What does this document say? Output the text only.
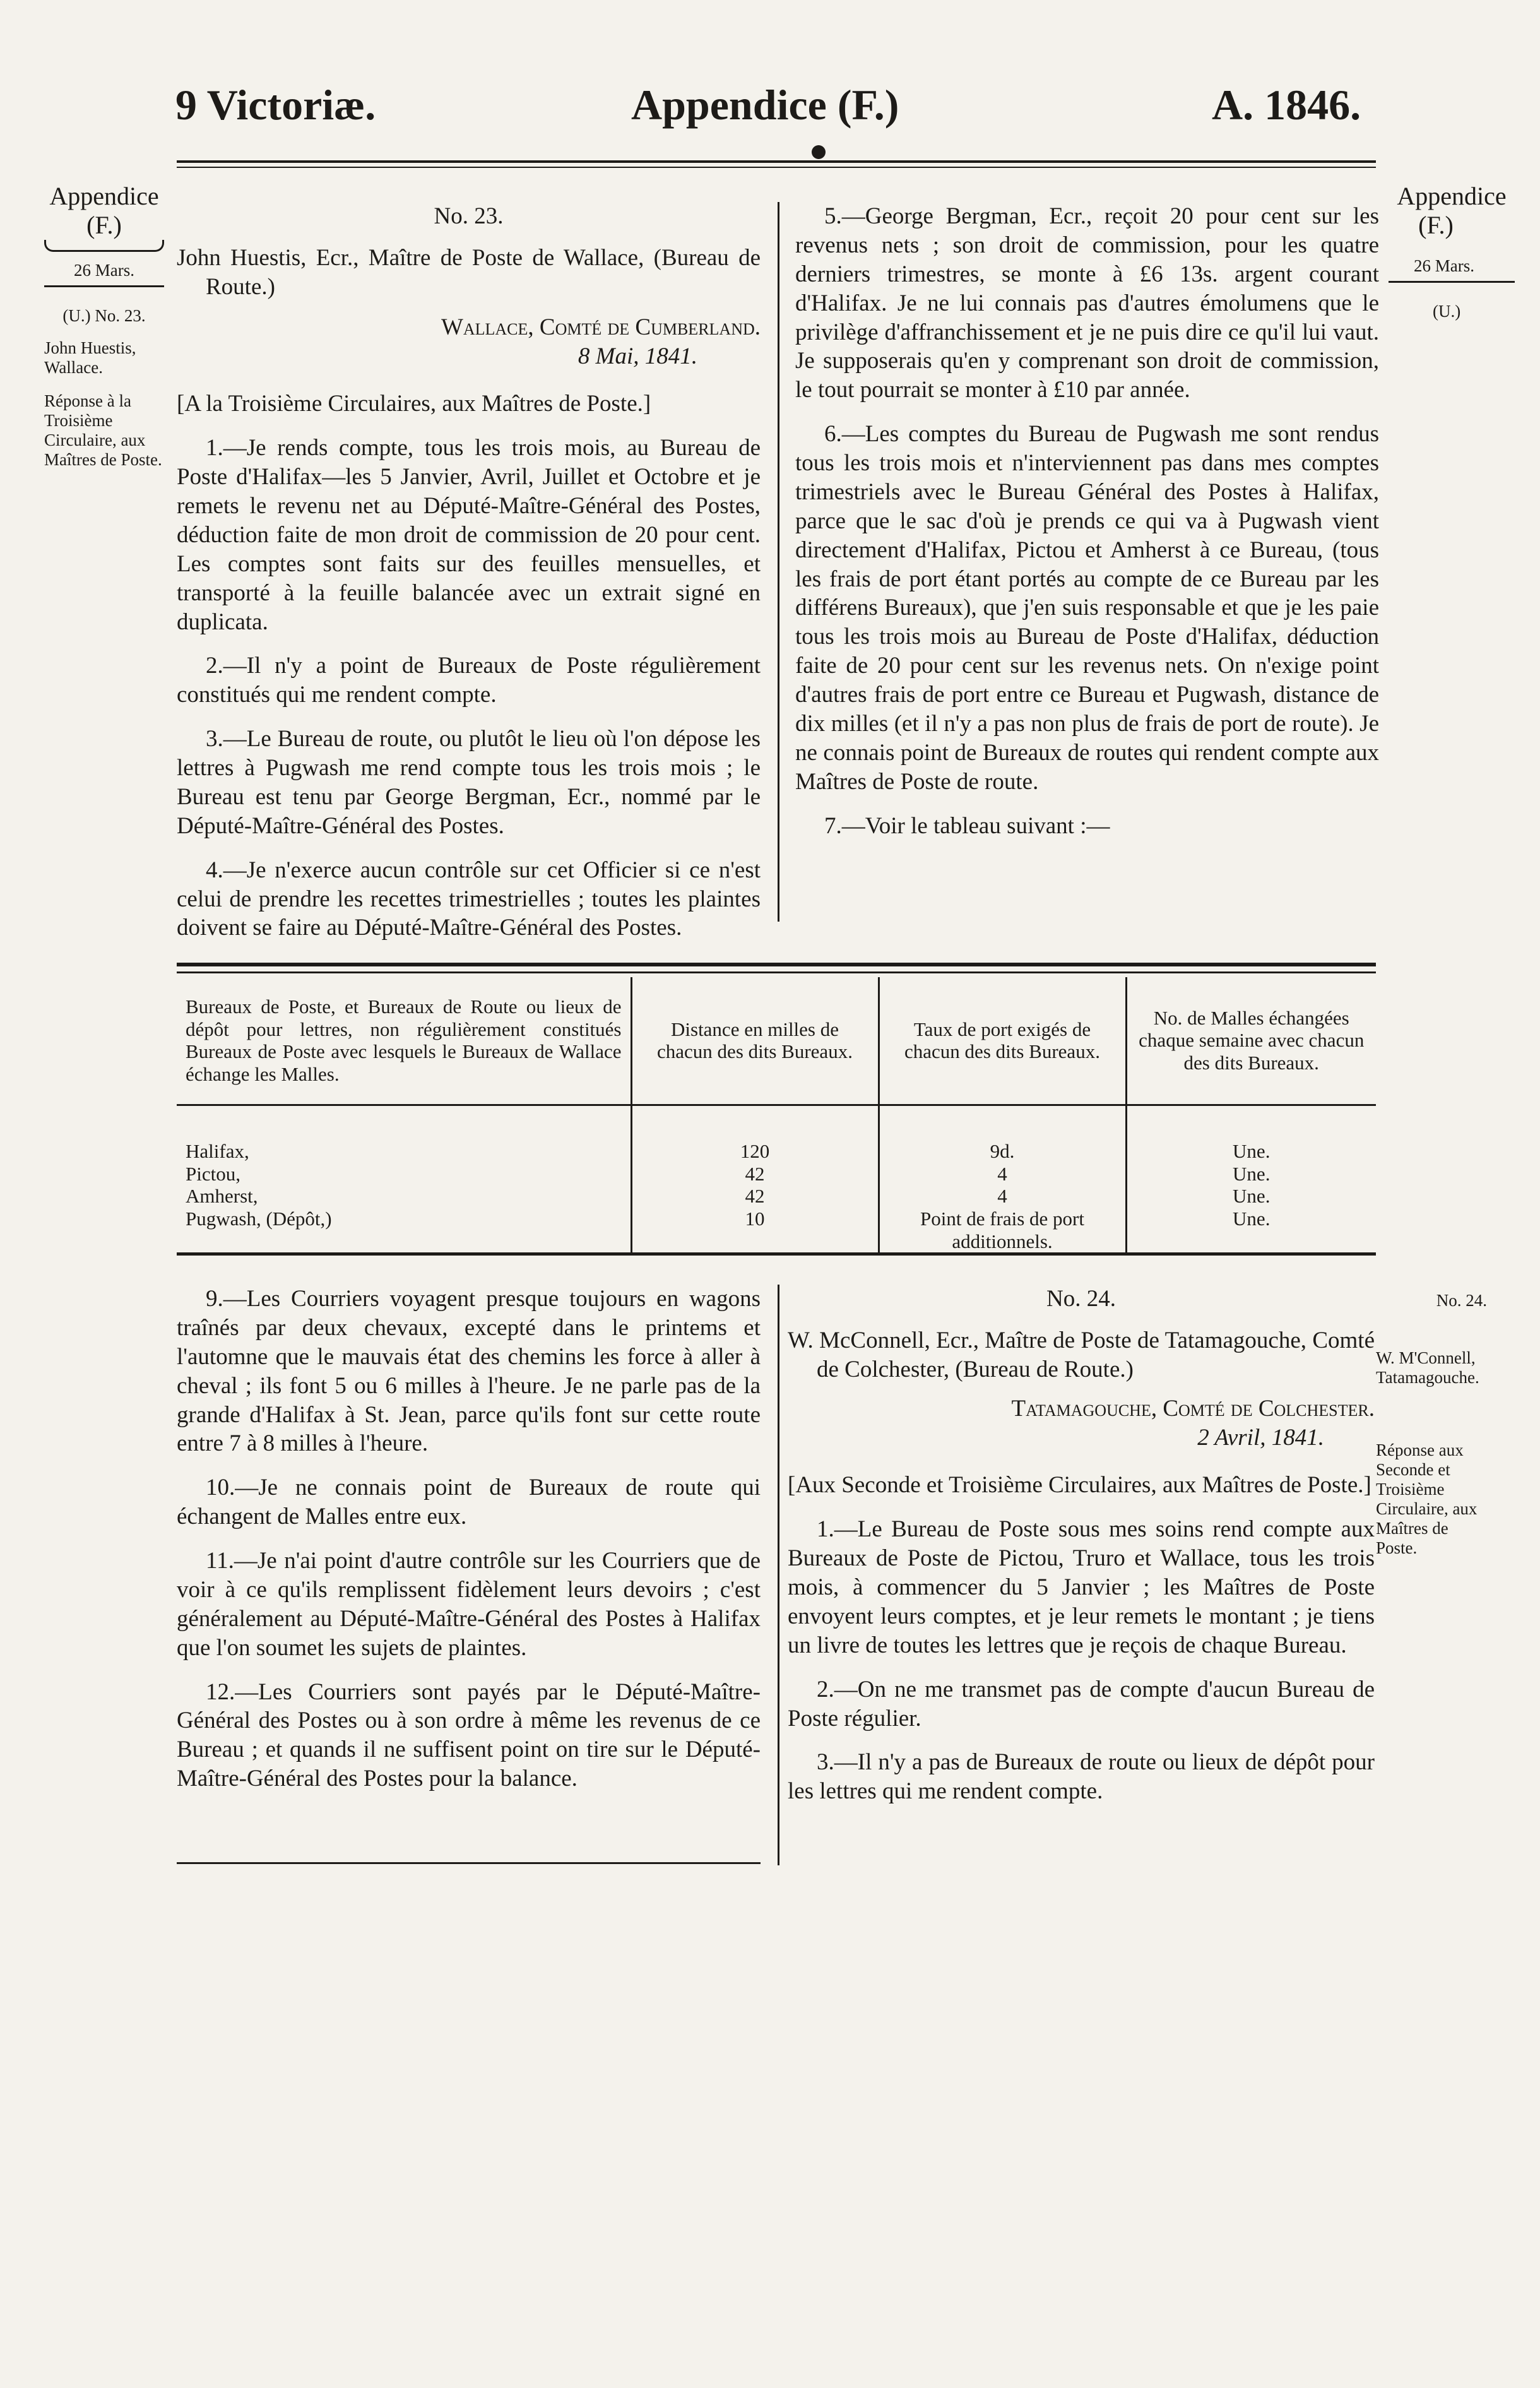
9 Victoriæ.	Appendice (F.)	A. 1846.
Appendice
(F.)
26 Mars.
(U.) No. 23.
John Huestis, Wallace.
Réponse à la Troisième Circulaire, aux Maîtres de Poste.
Appendice
(F.)
26 Mars.
(U.)
No. 24.
W. M'Connell, Tatamagouche.
Réponse aux Seconde et Troisième Circulaire, aux Maîtres de Poste.
No. 23.

John Huestis, Ecr., Maître de Poste de Wallace, (Bureau de Route.)

Wallace, Comté de Cumberland.
8 Mai, 1841.

[A la Troisième Circulaires, aux Maîtres de Poste.]

1.—Je rends compte, tous les trois mois, au Bureau de Poste d'Halifax—les 5 Janvier, Avril, Juillet et Octobre et je remets le revenu net au Député-Maître-Général des Postes, déduction faite de mon droit de commission de 20 pour cent. Les comptes sont faits sur des feuilles mensuelles, et transporté à la feuille balancée avec un extrait signé en duplicata.

2.—Il n'y a point de Bureaux de Poste régulièrement constitués qui me rendent compte.

3.—Le Bureau de route, ou plutôt le lieu où l'on dépose les lettres à Pugwash me rend compte tous les trois mois ; le Bureau est tenu par George Bergman, Ecr., nommé par le Député-Maître-Général des Postes.

4.—Je n'exerce aucun contrôle sur cet Officier si ce n'est celui de prendre les recettes trimestrielles ; toutes les plaintes doivent se faire au Député-Maître-Général des Postes.

5.—George Bergman, Ecr., reçoit 20 pour cent sur les revenus nets ; son droit de commission, pour les quatre derniers trimestres, se monte à £6 13s. argent courant d'Halifax. Je ne lui connais pas d'autres émolumens que le privilège d'affranchissement et je ne puis dire ce qu'il lui vaut. Je supposerais qu'en y comprenant son droit de commission, le tout pourrait se monter à £10 par année.

6.—Les comptes du Bureau de Pugwash me sont rendus tous les trois mois et n'interviennent pas dans mes comptes trimestriels avec le Bureau Général des Postes à Halifax, parce que le sac d'où je prends ce qui va à Pugwash vient directement d'Halifax, Pictou et Amherst à ce Bureau, (tous les frais de port étant portés au compte de ce Bureau par les différens Bureaux), que j'en suis responsable et que je les paie tous les trois mois au Bureau de Poste d'Halifax, déduction faite de 20 pour cent sur les revenus nets. On n'exige point d'autres frais de port entre ce Bureau et Pugwash, distance de dix milles (et il n'y a pas non plus de frais de port de route). Je ne connais point de Bureaux de routes qui rendent compte aux Maîtres de Poste de route.

7.—Voir le tableau suivant :—

Bureaux de Poste, et Bureaux de Route ou lieux de dépôt pour lettres, non régulièrement constitués Bureaux de Poste avec lesquels le Bureaux de Wallace échange les Malles.	Distance en milles de chacun des dits Bureaux.	Taux de port exigés de chacun des dits Bureaux.	No. de Malles échangées chaque semaine avec chacun des dits Bureaux.

Halifax,	120	9d.	Une.
Pictou,	42	4	Une.
Amherst,	42	4	Une.
Pugwash, (Dépôt,)	10	Point de frais de port additionnels.	Une.

9.—Les Courriers voyagent presque toujours en wagons traînés par deux chevaux, excepté dans le printems et l'automne que le mauvais état des chemins les force à aller à cheval ; ils font 5 ou 6 milles à l'heure. Je ne parle pas de la grande d'Halifax à St. Jean, parce qu'ils font sur cette route entre 7 à 8 milles à l'heure.

10.—Je ne connais point de Bureaux de route qui échangent de Malles entre eux.

11.—Je n'ai point d'autre contrôle sur les Courriers que de voir à ce qu'ils remplissent fidèlement leurs devoirs ; c'est généralement au Député-Maître-Général des Postes à Halifax que l'on soumet les sujets de plaintes.

12.—Les Courriers sont payés par le Député-Maître-Général des Postes ou à son ordre à même les revenus de ce Bureau ; et quands il ne suffisent point on tire sur le Député-Maître-Général des Postes pour la balance.

No. 24.

W. McConnell, Ecr., Maître de Poste de Tatamagouche, Comté de Colchester, (Bureau de Route.)

Tatamagouche, Comté de Colchester.
2 Avril, 1841.

[Aux Seconde et Troisième Circulaires, aux Maîtres de Poste.]

1.—Le Bureau de Poste sous mes soins rend compte aux Bureaux de Poste de Pictou, Truro et Wallace, tous les trois mois, à commencer du 5 Janvier ; les Maîtres de Poste envoyent leurs comptes, et je leur remets le montant ; je tiens un livre de toutes les lettres que je reçois de chaque Bureau.

2.—On ne me transmet pas de compte d'aucun Bureau de Poste régulier.

3.—Il n'y a pas de Bureaux de route ou lieux de dépôt pour les lettres qui me rendent compte.
